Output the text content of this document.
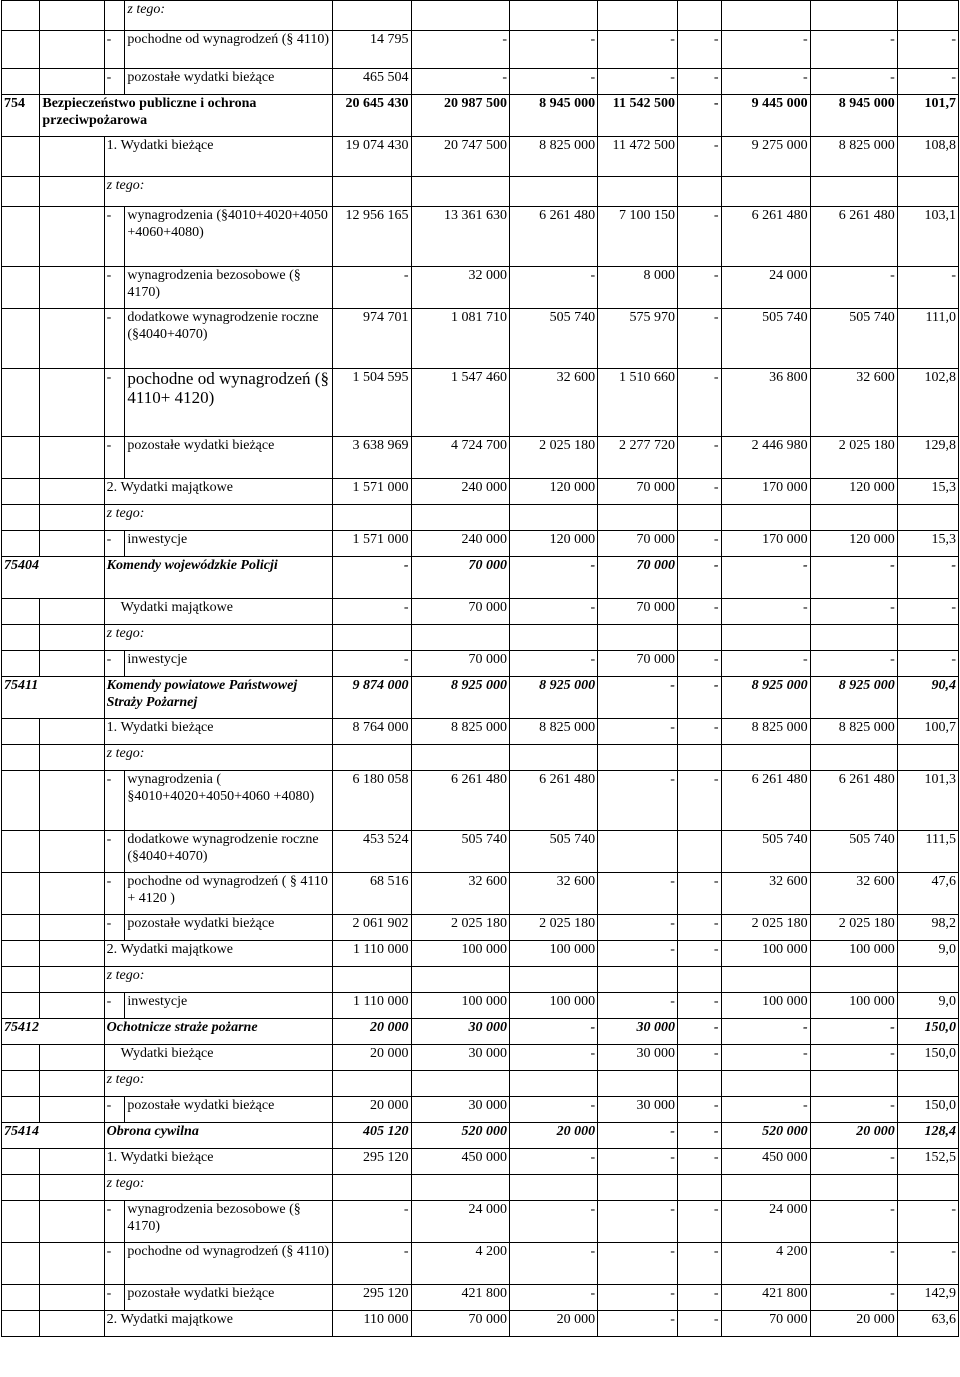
			z tego:								
		-	pochodne od wynagrodzeń (§ 4110)	14 795	-	-	-	-	-	-	-
		-	pozostałe wydatki bieżące	465 504	-	-	-	-	-	-	-
754	Bezpieczeństwo publiczne i ochrona przeciwpożarowa			20 645 430	20 987 500	8 945 000	11 542 500	-	9 445 000	8 945 000	101,7

		1. Wydatki bieżące		19 074 430	20 747 500	8 825 000	11 472 500	-	9 275 000	8 825 000	108,8
		z tego:									
		-	wynagrodzenia (§4010+4020+4050 +4060+4080)	12 956 165	13 361 630	6 261 480	7 100 150	-	6 261 480	6 261 480	103,1
		-	wynagrodzenia bezosobowe (§ 4170)	-	32 000	-	8 000	-	24 000	-	-
		-	dodatkowe wynagrodzenie roczne (§4040+4070)	974 701	1 081 710	505 740	575 970	-	505 740	505 740	111,0
		-	pochodne od wynagrodzeń (§ 4110+ 4120)	1 504 595	1 547 460	32 600	1 510 660	-	36 800	32 600	102,8
		-	pozostałe wydatki bieżące	3 638 969	4 724 700	2 025 180	2 277 720	-	2 446 980	2 025 180	129,8

		2. Wydatki majątkowe		1 571 000	240 000	120 000	70 000	-	170 000	120 000	15,3
		z tego:									
		-	inwestycje	1 571 000	240 000	120 000	70 000	-	170 000	120 000	15,3
75404		Komendy wojewódzkie Policji		-	70 000	-	70 000	-	-	-	-

		Wydatki majątkowe		-	70 000	-	70 000	-	-	-	-
		z tego:									
		-	inwestycje	-	70 000	-	70 000	-	-	-	-
75411		Komendy powiatowe Państwowej Straży Pożarnej		9 874 000	8 925 000	8 925 000	-	-	8 925 000	8 925 000	90,4

		1. Wydatki bieżące		8 764 000	8 825 000	8 825 000	-	-	8 825 000	8 825 000	100,7
		z tego:									
		-	wynagrodzenia ( §4010+4020+4050+4060 +4080)	6 180 058	6 261 480	6 261 480	-	-	6 261 480	6 261 480	101,3
		-	dodatkowe wynagrodzenie roczne (§4040+4070)	453 524	505 740	505 740			505 740	505 740	111,5
		-	pochodne od wynagrodzeń ( § 4110 + 4120 )	68 516	32 600	32 600	-	-	32 600	32 600	47,6
		-	pozostałe wydatki bieżące	2 061 902	2 025 180	2 025 180	-	-	2 025 180	2 025 180	98,2

		2. Wydatki majątkowe		1 110 000	100 000	100 000	-	-	100 000	100 000	9,0
		z tego:									
		-	inwestycje	1 110 000	100 000	100 000	-	-	100 000	100 000	9,0
75412		Ochotnicze straże pożarne		20 000	30 000	-	30 000	-	-	-	150,0

		Wydatki bieżące		20 000	30 000	-	30 000	-	-	-	150,0
		z tego:									
		-	pozostałe wydatki bieżące	20 000	30 000	-	30 000	-	-	-	150,0
75414		Obrona cywilna		405 120	520 000	20 000	-	-	520 000	20 000	128,4

		1. Wydatki bieżące		295 120	450 000	-	-	-	450 000	-	152,5
		z tego:									
		-	wynagrodzenia bezosobowe (§ 4170)	-	24 000	-	-	-	24 000	-	-
		-	pochodne od wynagrodzeń (§ 4110)	-	4 200	-	-	-	4 200	-	-
		-	pozostałe wydatki bieżące	295 120	421 800	-	-	-	421 800	-	142,9

		2. Wydatki majątkowe		110 000	70 000	20 000	-	-	70 000	20 000	63,6
